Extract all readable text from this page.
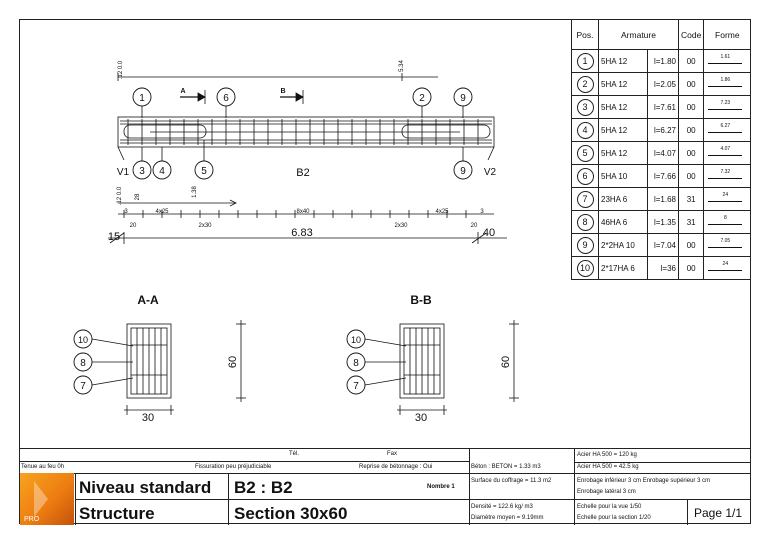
1	6	2	9
3 4	5	9
10
8
7
10
8
7
A	B
B2
V1	V2
4x25	8x40	4x25
20	2x30	2x30	20
3	3
6.83
15	40
A-A	B-B
30	30
.12 0.0	5.34
.12 0.0 28	1.38
60	60
Pos.	Armature		Code	Forme
1	5HA 12	l=1.80	00	1.61

2	5HA 12	l=2.05	00	1.86

3	5HA 12	l=7.61	00	7.23

4	5HA 12	l=6.27	00	6.27

5	5HA 12	l=4.07	00	4.07

6	5HA 10	l=7.66	00	7.32

7	23HA 6	l=1.68	31	24

8	46HA 6	l=1.35	31	8

9	2*2HA 10	l=7.04	00	7.05

10	2*17HA 6	l=36	00	24
Tél.	Fax
Tenue au feu 0h	Fissuration peu préjudiciable	Reprise de bétonnage : Oui
PRO
Niveau standard
Structure
B2 : B2
Section 30x60
Nombre 1
Béton : BETON = 1.33 m3
Surface du coffrage = 11.3 m2
Densité = 122.6 kg/ m3
Diamètre moyen = 9.19mm
Acier HA 500 = 120 kg
Acier HA 500 = 42.5 kg
Enrobage inférieur 3 cm Enrobage supérieur 3 cm
Enrobage latéral 3 cm
Echelle pour la vue 1/50
Echelle pour la section 1/20	Page 1/1
